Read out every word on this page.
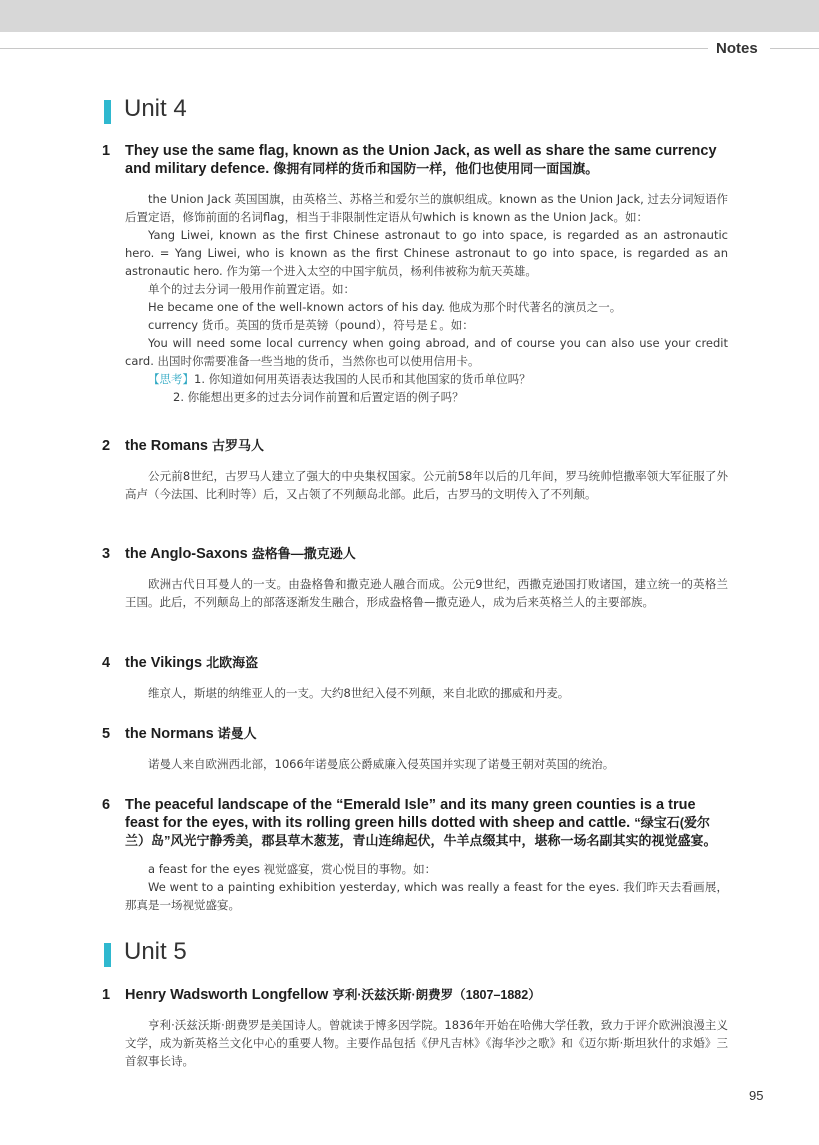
Notes
Unit 4
1 They use the same flag, known as the Union Jack, as well as share the same currency and military defence. 像拥有同样的货币和国防一样，他们也使用同一面国旗。

the Union Jack 英国国旗，由英格兰、苏格兰和爱尔兰的旗帜组成。known as the Union Jack, 过去分词短语作后置定语，修饰前面的名词flag，相当于非限制性定语从句which is known as the Union Jack。如：

Yang Liwei, known as the first Chinese astronaut to go into space, is regarded as an astronautic hero. = Yang Liwei, who is known as the first Chinese astronaut to go into space, is regarded as an astronautic hero. 作为第一个进入太空的中国宇航员，杨利伟被称为航天英雄。

单个的过去分词一般用作前置定语。如：

He became one of the well-known actors of his day. 他成为那个时代著名的演员之一。

currency 货币。英国的货币是英镑（pound），符号是￡。如：

You will need some local currency when going abroad, and of course you can also use your credit card. 出国时你需要准备一些当地的货币，当然你也可以使用信用卡。

【思考】1. 你知道如何用英语表达我国的人民币和其他国家的货币单位吗？

2. 你能想出更多的过去分词作前置和后置定语的例子吗？

2 the Romans 古罗马人

公元前8世纪，古罗马人建立了强大的中央集权国家。公元前58年以后的几年间，罗马统帅恺撒率领大军征服了外高卢（今法国、比利时等）后，又占领了不列颠岛北部。此后，古罗马的文明传入了不列颠。

3 the Anglo-Saxons 盎格鲁—撒克逊人

欧洲古代日耳曼人的一支。由盎格鲁和撒克逊人融合而成。公元9世纪，西撒克逊国打败诸国，建立统一的英格兰王国。此后，不列颠岛上的部落逐渐发生融合，形成盎格鲁—撒克逊人，成为后来英格兰人的主要部族。

4 the Vikings 北欧海盗

维京人，斯堪的纳维亚人的一支。大约8世纪入侵不列颠，来自北欧的挪威和丹麦。

5 the Normans 诺曼人

诺曼人来自欧洲西北部，1066年诺曼底公爵威廉入侵英国并实现了诺曼王朝对英国的统治。

6 The peaceful landscape of the “Emerald Isle” and its many green counties is a true feast for the eyes, with its rolling green hills dotted with sheep and cattle. “绿宝石(爱尔兰）岛”风光宁静秀美，郡县草木葱茏，青山连绵起伏，牛羊点缀其中，堪称一场名副其实的视觉盛宴。

a feast for the eyes 视觉盛宴，赏心悦目的事物。如：

We went to a painting exhibition yesterday, which was really a feast for the eyes. 我们昨天去看画展，那真是一场视觉盛宴。

Unit 5
1 Henry Wadsworth Longfellow 亨利·沃兹沃斯·朗费罗（1807–1882）

亨利·沃兹沃斯·朗费罗是美国诗人。曾就读于博多因学院。1836年开始在哈佛大学任教，致力于评介欧洲浪漫主义文学，成为新英格兰文化中心的重要人物。主要作品包括《伊凡吉林》《海华沙之歌》和《迈尔斯·斯坦狄什的求婚》三首叙事长诗。

95
